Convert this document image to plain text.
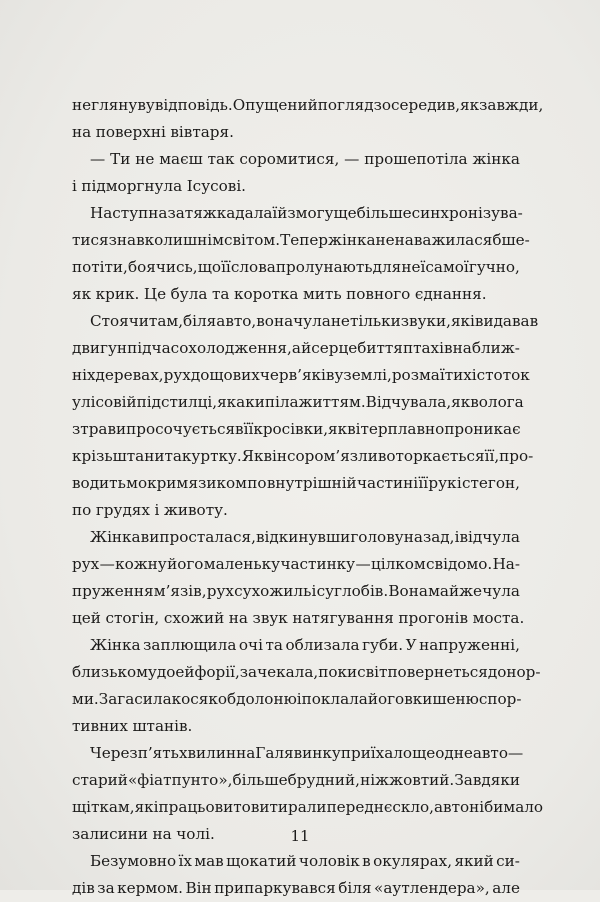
не глянув у відповідь. Опущений погляд зосередив, як завжди,
на поверхні вівтаря.
— Ти не маєш так соромитися, — прошепотіла жінка
і підморгнула Ісусові.
Наступна затяжка дала їй змогу ще більше синхронізува-
тися з навколишнім світом. Тепер жінка не наважилася б ше-
потіти, боячись, що її слова пролунають для неї самої гучно,
як крик. Це була та коротка мить повного єднання.
Стоячи там, біля авто, вона чула не тільки звуки, які видавав
двигун під час охолодження, а й серцебиття птахів на ближ-
ніх деревах, рух дощових черв’яків у землі, розмаїтих істоток
у лісовій підстилці, яка кипіла життям. Відчувала, як волога
з трави просочується в її кросівки, як вітер плавно проникає
крізь штани та куртку. Як він сором’язливо торкається її, про-
водить мокрим язиком по внутрішній частині її рук і стегон,
по грудях і животу.
Жінка випросталася, відкинувши голову назад, і відчула
рух — кожну його маленьку частинку — цілком свідомо. На-
пруження м’язів, рух сухожиль і суглобів. Вона майже чула
цей стогін, схожий на звук натягування прогонів моста.
Жінка заплющила очі та облизала губи. У напруженні,
близькому до ейфорії, зачекала, поки світ повернеться до нор-
ми. Загасила косяк об долоню і поклала його в кишеню спор-
тивних штанів.
Через п’ять хвилин на Галявинку приїхало ще одне авто —
старий «фіат пунто», більше брудний, ніж жовтий. Завдяки
щіткам, які працьовито витирали переднє скло, авто ніби мало
залисини на чолі.
Безумовно їх мав щокатий чоловік в окулярах, який си-
дів за кермом. Він припаркувався біля «аутлендера», але
11
